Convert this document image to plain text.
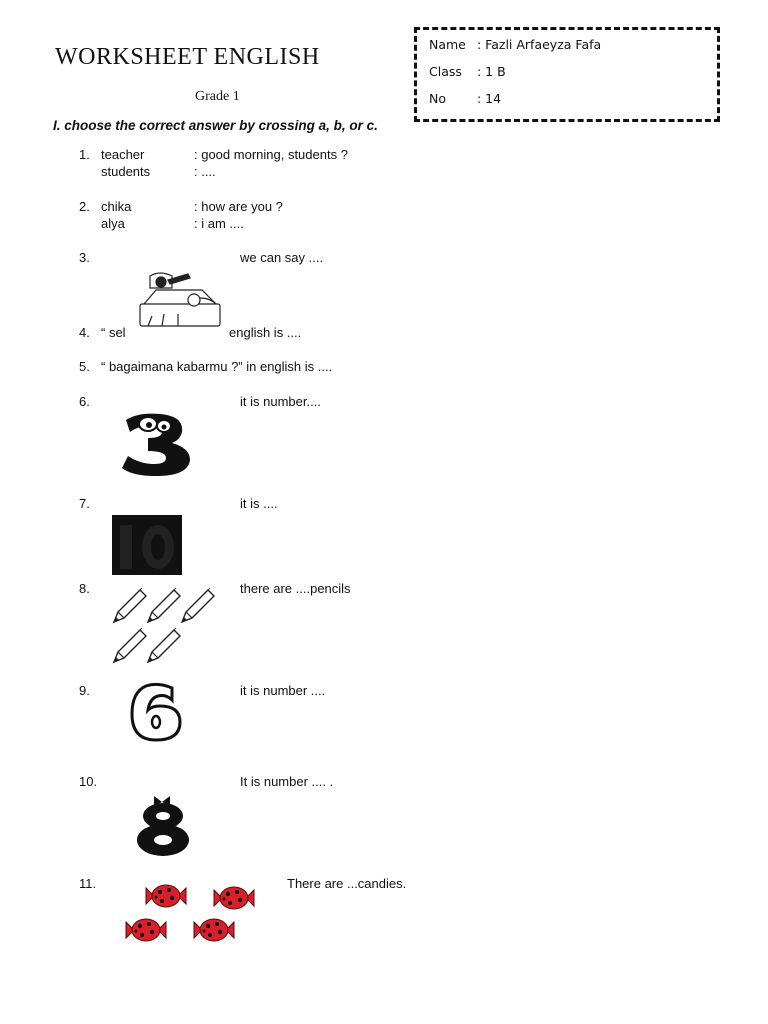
WORKSHEET ENGLISH
Grade 1
Name : Fazli Arfaeyza Fafa
Class : 1 B
No : 14
I. choose the correct answer by crossing a, b, or c.
1. teacher	: good morning, students ?
students	: ....
2. chika	: how are you ?
alya	: i am ....
3.	we can say ....
4. “ sel	english is ....
5. “ bagaimana kabarmu ?” in english is ....
6.	it is number....
7.	it is ....
8.	there are ....pencils
9.	it is number ....
10.	It is number .... .
11.	There are ...candies.
